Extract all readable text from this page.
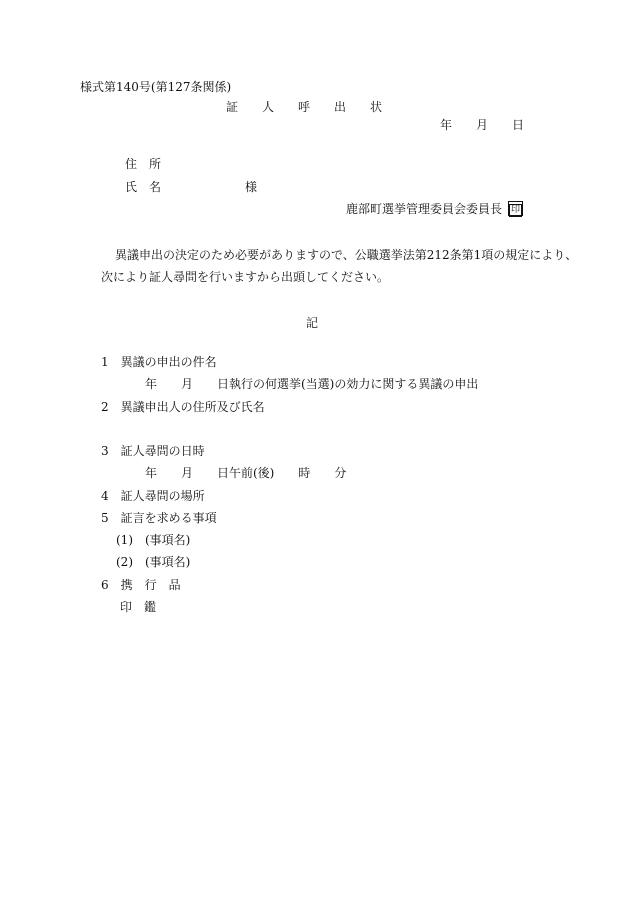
様式第140号(第127条関係)
証　　人　　呼　　出　　状
年　　月　　日
住　所
氏　名　　　　　　　様
鹿部町選挙管理委員会委員長 印
異議申出の決定のため必要がありますので、公職選挙法第212条第1項の規定により、
次により証人尋問を行いますから出頭してください。
記
1　異議の申出の件名
年　　月　　日執行の何選挙(当選)の効力に関する異議の申出
2　異議申出人の住所及び氏名
3　証人尋問の日時
年　　月　　日午前(後)　　時　　分
4　証人尋問の場所
5　証言を求める事項
(1)　(事項名)
(2)　(事項名)
6　携　行　品
印　鑑
